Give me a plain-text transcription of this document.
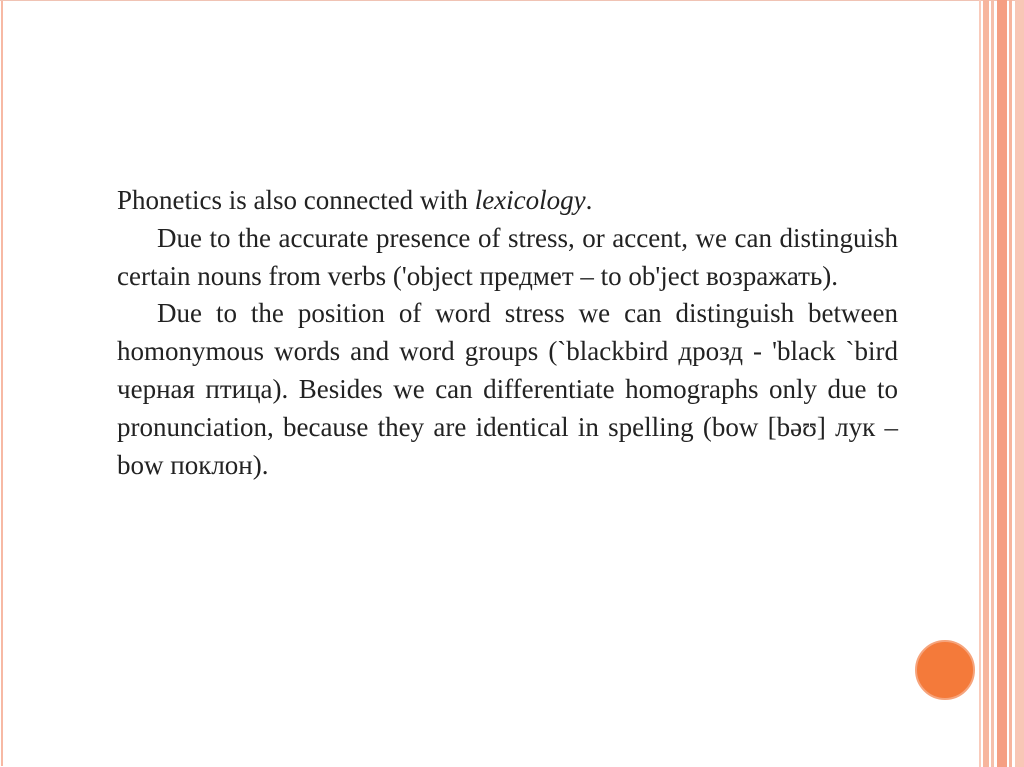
Phonetics is also connected with lexicology.

Due to the accurate presence of stress, or accent, we can distinguish certain nouns from verbs ('object предмет – to ob'ject возражать).

Due to the position of word stress we can distinguish between homonymous words and word groups (`blackbird дрозд - 'black `bird черная птица). Besides we can differentiate homographs only due to pronunciation, because they are identical in spelling (bow [bəʊ] лук – bow поклон).
